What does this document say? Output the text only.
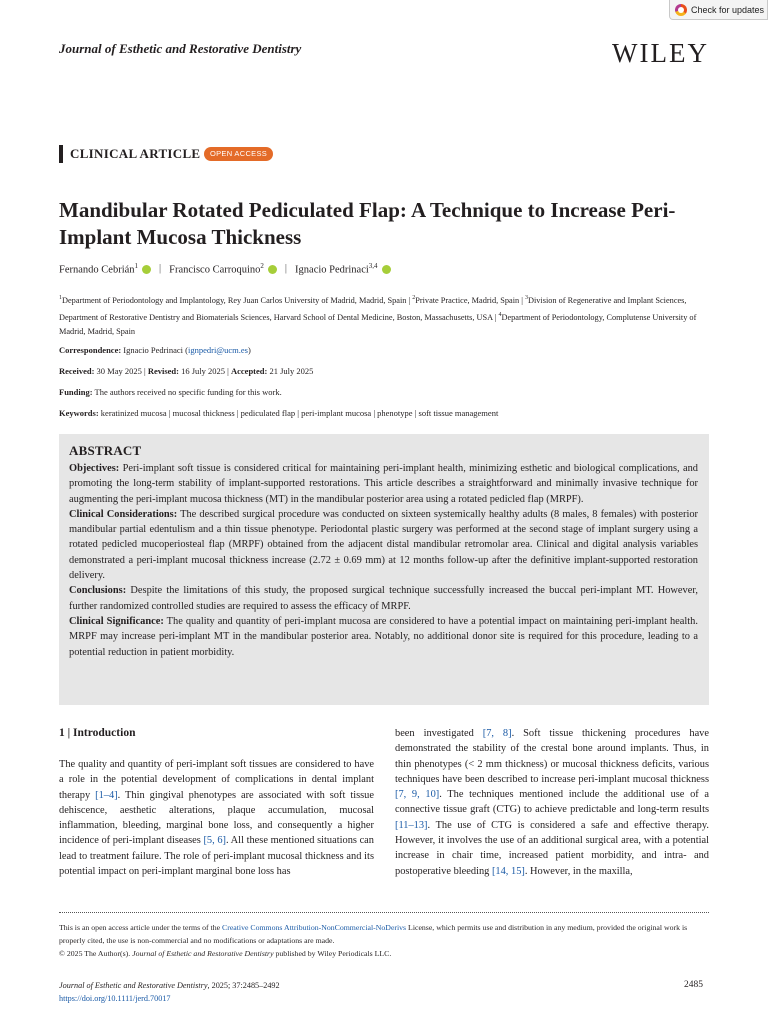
Check for updates
Journal of Esthetic and Restorative Dentistry	WILEY
CLINICAL ARTICLE	OPEN ACCESS
Mandibular Rotated Pediculated Flap: A Technique to Increase Peri-Implant Mucosa Thickness
Fernando Cebrián$^1$ | Francisco Carroquino$^2$ | Ignacio Pedrinaci$^{3,4}$
$^1$Department of Periodontology and Implantology, Rey Juan Carlos University of Madrid, Madrid, Spain | $^2$Private Practice, Madrid, Spain | $^3$Division of Regenerative and Implant Sciences, Department of Restorative Dentistry and Biomaterials Sciences, Harvard School of Dental Medicine, Boston, Massachusetts, USA | $^4$Department of Periodontology, Complutense University of Madrid, Madrid, Spain
Correspondence: Ignacio Pedrinaci (ignpedri@ucm.es)
Received: 30 May 2025 | Revised: 16 July 2025 | Accepted: 21 July 2025
Funding: The authors received no specific funding for this work.
Keywords: keratinized mucosa | mucosal thickness | pediculated flap | peri-implant mucosa | phenotype | soft tissue management
ABSTRACT
Objectives: Peri-implant soft tissue is considered critical for maintaining peri-implant health, minimizing esthetic and biological complications, and promoting the long-term stability of implant-supported restorations. This article describes a straightforward and minimally invasive technique for augmenting the peri-implant mucosa thickness (MT) in the mandibular posterior area using a rotated pedicled flap (MRPF).
Clinical Considerations: The described surgical procedure was conducted on sixteen systemically healthy adults (8 males, 8 females) with posterior mandibular partial edentulism and a thin tissue phenotype. Periodontal plastic surgery was performed at the second stage of implant surgery using a rotated pedicled mucoperiosteal flap (MRPF) obtained from the adjacent distal mandibular retromolar area. Clinical and digital analysis variables demonstrated a peri-implant mucosal thickness increase (2.72 ± 0.69 mm) at 12 months follow-up after the definitive implant-supported restoration delivery.
Conclusions: Despite the limitations of this study, the proposed surgical technique successfully increased the buccal peri-implant MT. However, further randomized controlled studies are required to assess the efficacy of MRPF.
Clinical Significance: The quality and quantity of peri-implant mucosa are considered to have a potential impact on maintaining peri-implant health. MRPF may increase peri-implant MT in the mandibular posterior area. Notably, no additional donor site is required for this procedure, leading to a potential reduction in patient morbidity.
1 | Introduction
The quality and quantity of peri-implant soft tissues are considered to have a role in the potential development of complications in dental implant therapy [1–4]. Thin gingival phenotypes are associated with soft tissue dehiscence, aesthetic alterations, plaque accumulation, mucosal inflammation, bleeding, marginal bone loss, and consequently a higher incidence of peri-implant diseases [5, 6]. All these mentioned situations can lead to treatment failure. The role of peri-implant mucosal thickness and its potential impact on peri-implant marginal bone loss has
been investigated [7, 8]. Soft tissue thickening procedures have demonstrated the stability of the crestal bone around implants. Thus, in thin phenotypes (< 2 mm thickness) or mucosal thickness deficits, various techniques have been described to increase peri-implant mucosal thickness [7, 9, 10]. The techniques mentioned include the additional use of a connective tissue graft (CTG) to achieve predictable and long-term results [11–13]. The use of CTG is considered a safe and effective therapy. However, it involves the use of an additional surgical area, with a potential increase in chair time, increased patient morbidity, and intra- and postoperative bleeding [14, 15]. However, in the maxilla,
This is an open access article under the terms of the Creative Commons Attribution-NonCommercial-NoDerivs License, which permits use and distribution in any medium, provided the original work is properly cited, the use is non-commercial and no modifications or adaptations are made.
© 2025 The Author(s). Journal of Esthetic and Restorative Dentistry published by Wiley Periodicals LLC.
Journal of Esthetic and Restorative Dentistry, 2025; 37:2485–2492
https://doi.org/10.1111/jerd.70017
2485
